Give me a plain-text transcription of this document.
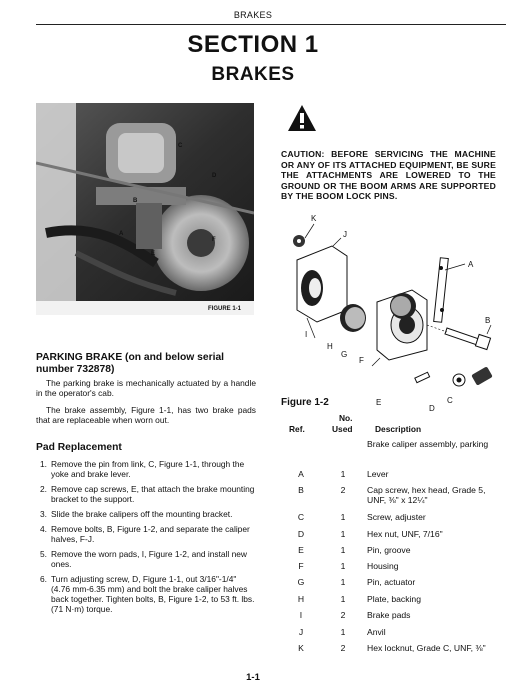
BRAKES
SECTION 1
BRAKES
C
D
B
A
F
E
FIGURE 1-1
CAUTION: BEFORE SERVICING THE MACHINE OR ANY OF ITS ATTACHED EQUIPMENT, BE SURE THE ATTACHMENTS ARE LOWERED TO THE GROUND OR THE BOOM ARMS ARE SUPPORTED BY THE BOOM LOCK PINS.
K
J
A
B
I
H
G
F
E
D
C
PARKING BRAKE (on and below serial number 732878)
The parking brake is mechanically actuated by a handle in the operator's cab.
The brake assembly, Figure 1-1, has two brake pads that are replaceable when worn out.
Pad Replacement
1. Remove the pin from link, C, Figure 1-1, through the yoke and brake lever.
2. Remove cap screws, E, that attach the brake mounting bracket to the support.
3. Slide the brake calipers off the mounting bracket.
4. Remove bolts, B, Figure 1-2, and separate the caliper halves, F-J.
5. Remove the worn pads, I, Figure 1-2, and install new ones.
6. Turn adjusting screw, D, Figure 1-1, out 3/16"-1/4" (4.76 mm-6.35 mm) and bolt the brake caliper halves back together. Tighten bolts, B, Figure 1-2, to 53 ft. lbs. (71 N·m) torque.
Figure 1-2
No.
Ref.	Used	Description
Brake caliper assembly, parking
A	1	Lever
B	2	Cap screw, hex head, Grade 5, UNF, ⅜" x 12¼"
C	1	Screw, adjuster
D	1	Hex nut, UNF, 7/16"
E	1	Pin, groove
F	1	Housing
G	1	Pin, actuator
H	1	Plate, backing
I	2	Brake pads
J	1	Anvil
K	2	Hex locknut, Grade C, UNF, ⅜"
1-1
